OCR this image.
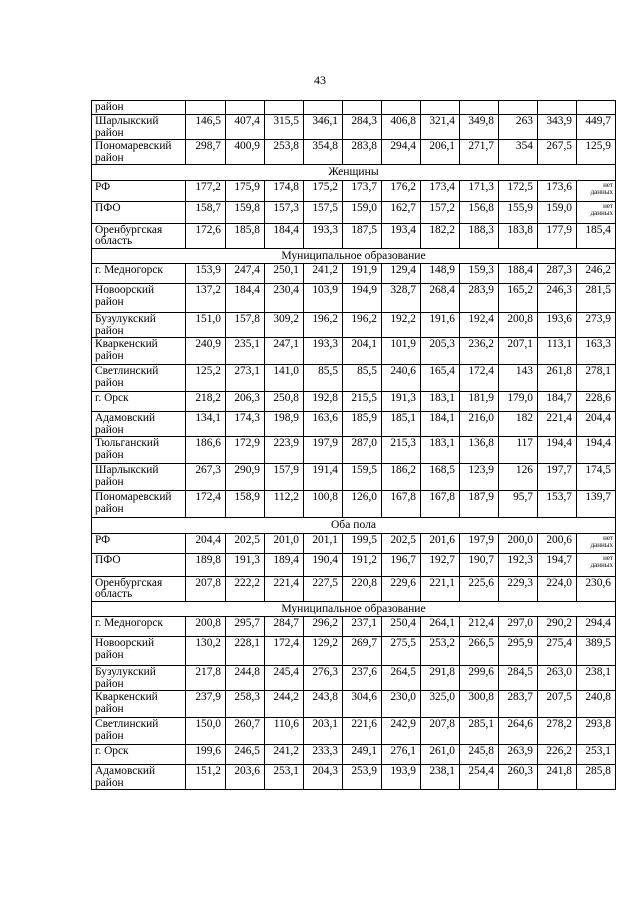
43
район											

Шарлыкский
район	146,5	407,4	315,5	346,1	284,3	406,8	321,4	349,8	263	343,9	449,7

Пономаревский
район	298,7	400,9	253,8	354,8	283,8	294,4	206,1	271,7	354	267,5	125,9
Женщины											

РФ	177,2	175,9	174,8	175,2	173,7	176,2	173,4	171,3	172,5	173,6	нет данных

ПФО	158,7	159,8	157,3	157,5	159,0	162,7	157,2	156,8	155,9	159,0	нет данных

Оренбургская
область	172,6	185,8	184,4	193,3	187,5	193,4	182,2	188,3	183,8	177,9	185,4
Муниципальное образование											

г. Медногорск	153,9	247,4	250,1	241,2	191,9	129,4	148,9	159,3	188,4	287,3	246,2

Новоорский
район	137,2	184,4	230,4	103,9	194,9	328,7	268,4	283,9	165,2	246,3	281,5

Бузулукский
район	151,0	157,8	309,2	196,2	196,2	192,2	191,6	192,4	200,8	193,6	273,9

Кваркенский
район	240,9	235,1	247,1	193,3	204,1	101,9	205,3	236,2	207,1	113,1	163,3

Светлинский
район	125,2	273,1	141,0	85,5	85,5	240,6	165,4	172,4	143	261,8	278,1

г. Орск	218,2	206,3	250,8	192,8	215,5	191,3	183,1	181,9	179,0	184,7	228,6

Адамовский
район	134,1	174,3	198,9	163,6	185,9	185,1	184,1	216,0	182	221,4	204,4

Тюльганский
район	186,6	172,9	223,9	197,9	287,0	215,3	183,1	136,8	117	194,4	194,4

Шарлыкский
район	267,3	290,9	157,9	191,4	159,5	186,2	168,5	123,9	126	197,7	174,5

Пономаревский
район	172,4	158,9	112,2	100,8	126,0	167,8	167,8	187,9	95,7	153,7	139,7
Оба пола											

РФ	204,4	202,5	201,0	201,1	199,5	202,5	201,6	197,9	200,0	200,6	нет данных

ПФО	189,8	191,3	189,4	190,4	191,2	196,7	192,7	190,7	192,3	194,7	нет данных

Оренбургская
область	207,8	222,2	221,4	227,5	220,8	229,6	221,1	225,6	229,3	224,0	230,6
Муниципальное образование											

г. Медногорск	200,8	295,7	284,7	296,2	237,1	250,4	264,1	212,4	297,0	290,2	294,4

Новоорский
район	130,2	228,1	172,4	129,2	269,7	275,5	253,2	266,5	295,9	275,4	389,5

Бузулукский
район	217,8	244,8	245,4	276,3	237,6	264,5	291,8	299,6	284,5	263,0	238,1

Кваркенский
район	237,9	258,3	244,2	243,8	304,6	230,0	325,0	300,8	283,7	207,5	240,8

Светлинский
район	150,0	260,7	110,6	203,1	221,6	242,9	207,8	285,1	264,6	278,2	293,8

г. Орск	199,6	246,5	241,2	233,3	249,1	276,1	261,0	245,8	263,9	226,2	253,1

Адамовский
район	151,2	203,6	253,1	204,3	253,9	193,9	238,1	254,4	260,3	241,8	285,8
